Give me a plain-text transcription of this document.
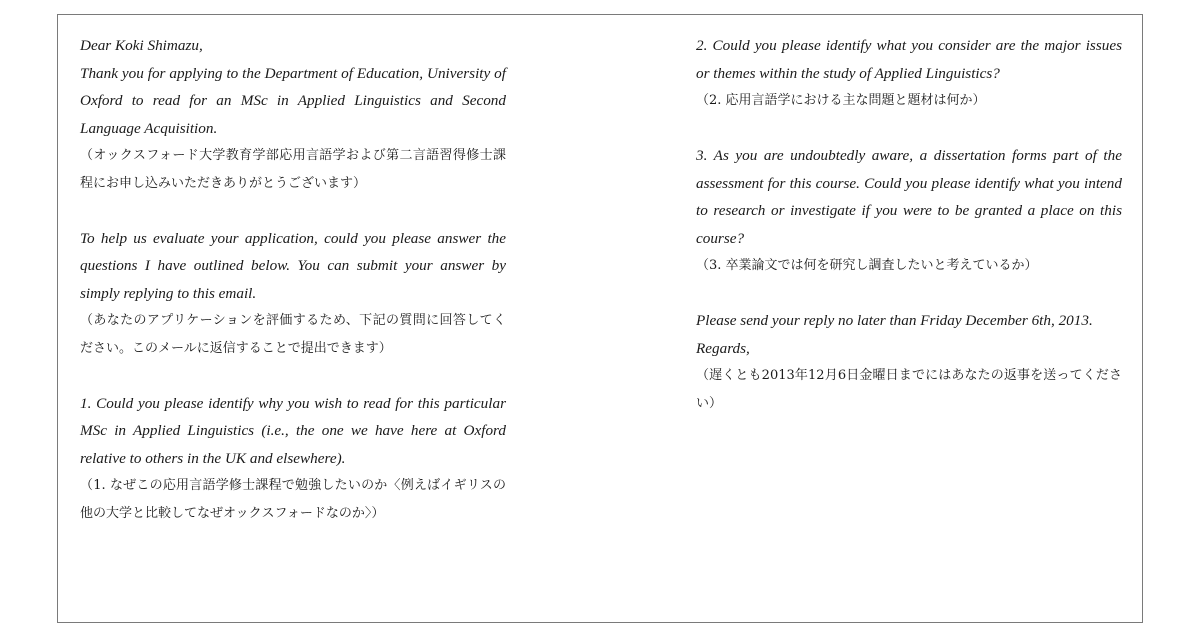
Dear Koki Shimazu,

Thank you for applying to the Department of Education, University of Oxford to read for an MSc in Applied Linguistics and Second Language Acquisition.

（オックスフォード大学教育学部応用言語学および第二言語習得修士課程にお申し込みいただきありがとうございます）

To help us evaluate your application, could you please answer the questions I have outlined below. You can submit your answer by simply replying to this email.

（あなたのアプリケーションを評価するため、下記の質問に回答してください。このメールに返信することで提出できます）

1. Could you please identify why you wish to read for this particular MSc in Applied Linguistics (i.e., the one we have here at Oxford relative to others in the UK and elsewhere).

（1. なぜこの応用言語学修士課程で勉強したいのか〈例えばイギリスの他の大学と比較してなぜオックスフォードなのか〉）

2. Could you please identify what you consider are the major issues or themes within the study of Applied Linguistics?

（2. 応用言語学における主な問題と題材は何か）

3. As you are undoubtedly aware, a dissertation forms part of the assessment for this course. Could you please identify what you intend to research or investigate if you were to be granted a place on this course?

（3. 卒業論文では何を研究し調査したいと考えているか）

Please send your reply no later than Friday December 6th, 2013.

Regards,

（遅くとも2013年12月6日金曜日までにはあなたの返事を送ってください）
